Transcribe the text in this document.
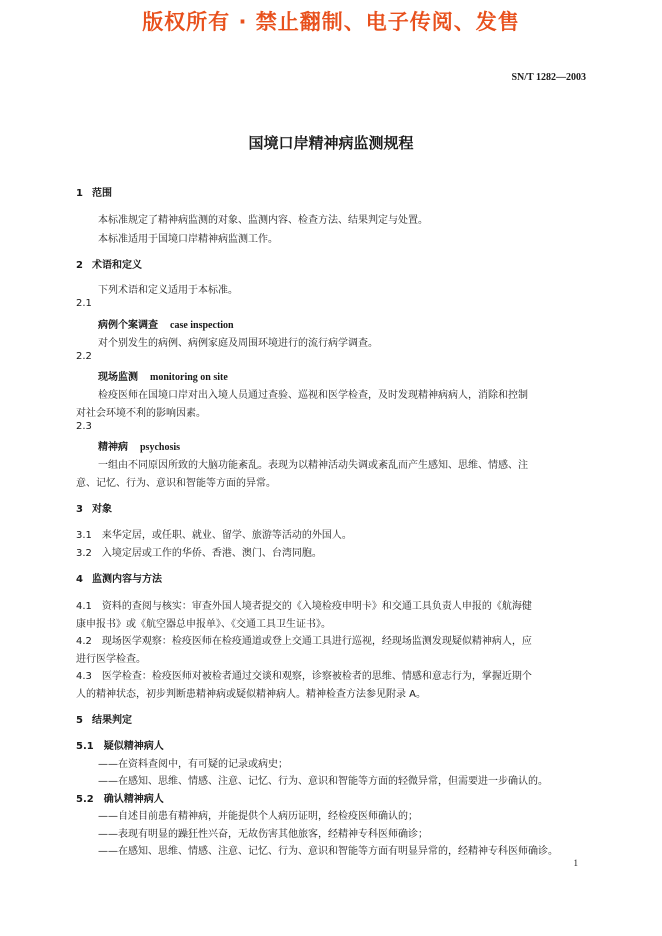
版权所有 · 禁止翻制、电子传阅、发售
SN/T 1282—2003
国境口岸精神病监测规程
1 范围
本标准规定了精神病监测的对象、监测内容、检查方法、结果判定与处置。
本标准适用于国境口岸精神病监测工作。
2 术语和定义
下列术语和定义适用于本标准。
2.1
病例个案调查 case inspection
对个别发生的病例、病例家庭及周围环境进行的流行病学调查。
2.2
现场监测 monitoring on site
检疫医师在国境口岸对出入境人员通过查验、巡视和医学检查，及时发现精神病病人，消除和控制
对社会环境不利的影响因素。
2.3
精神病 psychosis
一组由不同原因所致的大脑功能紊乱。表现为以精神活动失调或紊乱而产生感知、思维、情感、注
意、记忆、行为、意识和智能等方面的异常。
3 对象
3.1　来华定居，或任职、就业、留学、旅游等活动的外国人。
3.2　入境定居或工作的华侨、香港、澳门、台湾同胞。
4 监测内容与方法
4.1　资料的查阅与核实：审查外国人境者提交的《入境检疫申明卡》和交通工具负责人申报的《航海健
康申报书》或《航空器总申报单》、《交通工具卫生证书》。
4.2　现场医学观察：检疫医师在检疫通道或登上交通工具进行巡视，经现场监测发现疑似精神病人，应
进行医学检查。
4.3　医学检查：检疫医师对被检者通过交谈和观察，诊察被检者的思维、情感和意志行为，掌握近期个
人的精神状态，初步判断患精神病或疑似精神病人。精神检查方法参见附录 A。
5 结果判定
5.1　疑似精神病人
——在资料查阅中，有可疑的记录或病史；
——在感知、思维、情感、注意、记忆、行为、意识和智能等方面的轻微异常，但需要进一步确认的。
5.2　确认精神病人
——自述目前患有精神病，并能提供个人病历证明，经检疫医师确认的；
——表现有明显的躁狂性兴奋，无故伤害其他旅客，经精神专科医师确诊；
——在感知、思维、情感、注意、记忆、行为、意识和智能等方面有明显异常的，经精神专科医师确诊。
1
